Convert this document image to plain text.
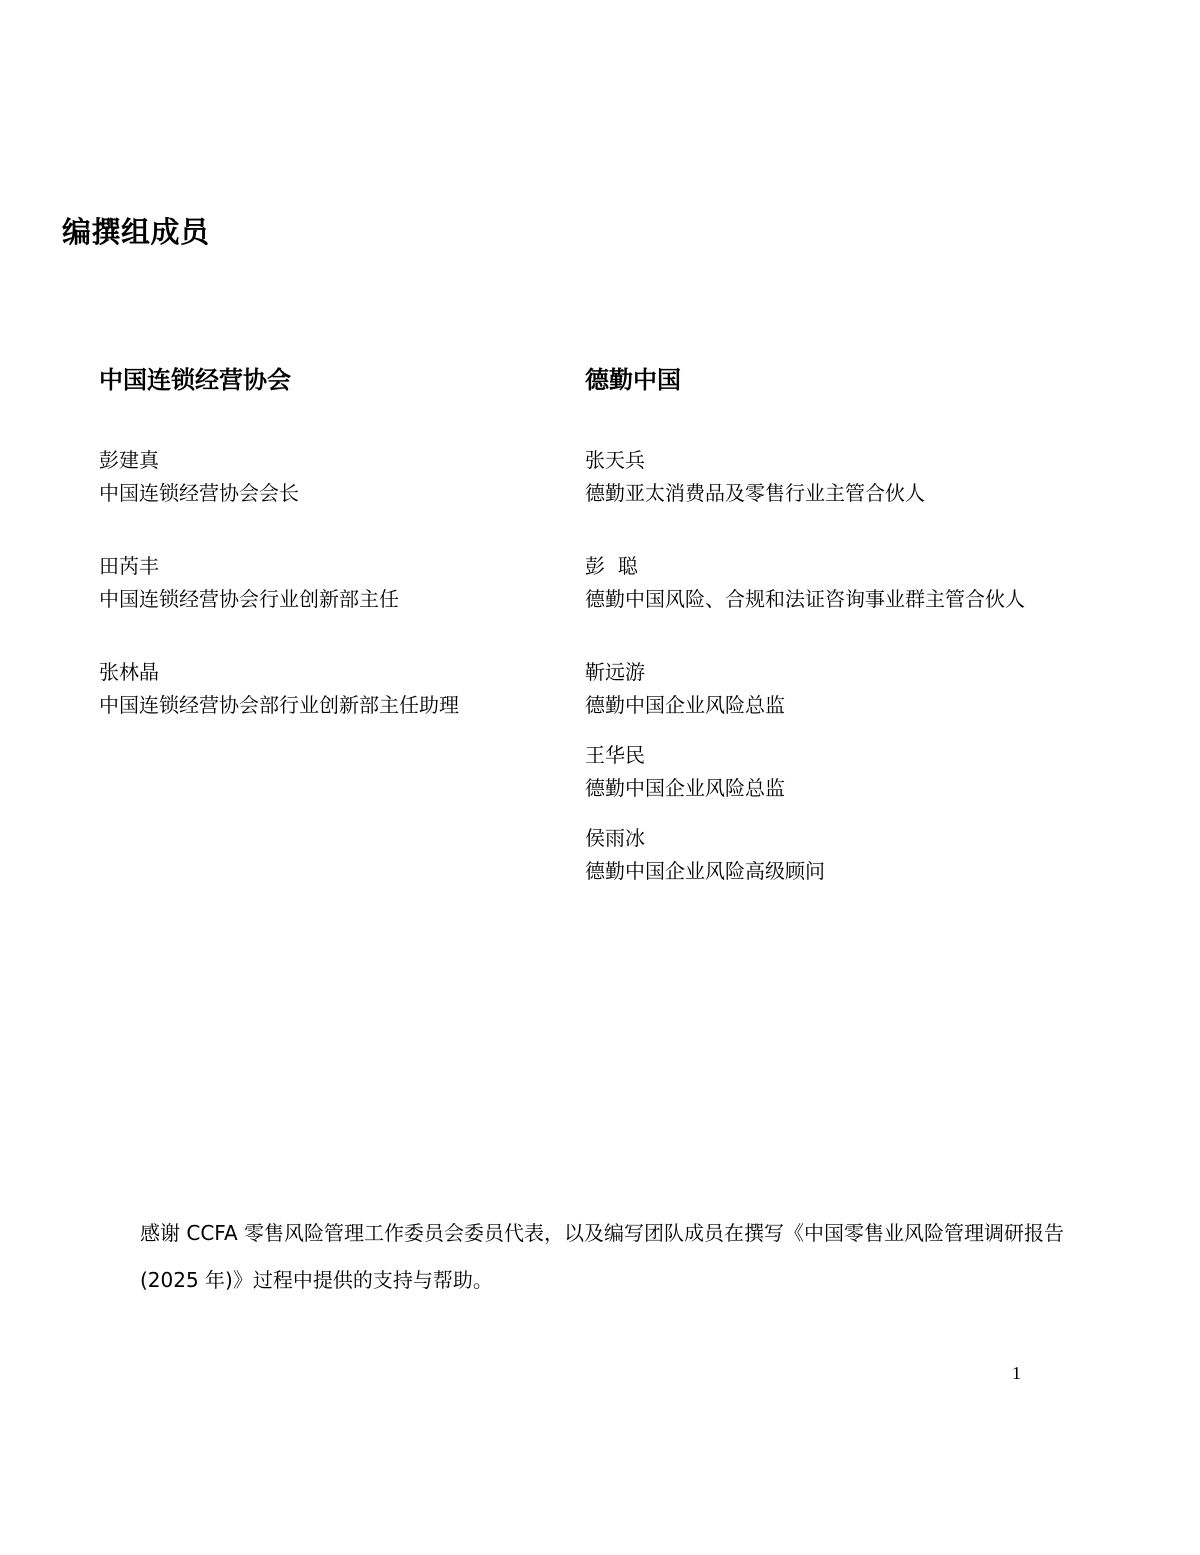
编撰组成员
中国连锁经营协会
彭建真
中国连锁经营协会会长
田芮丰
中国连锁经营协会行业创新部主任
张林晶
中国连锁经营协会部行业创新部主任助理
德勤中国
张天兵
德勤亚太消费品及零售行业主管合伙人
彭  聪
德勤中国风险、合规和法证咨询事业群主管合伙人
靳远游
德勤中国企业风险总监
王华民
德勤中国企业风险总监
侯雨冰
德勤中国企业风险高级顾问
感谢 CCFA 零售风险管理工作委员会委员代表，以及编写团队成员在撰写《中国零售业风险管理调研报告(2025 年)》过程中提供的支持与帮助。
1
